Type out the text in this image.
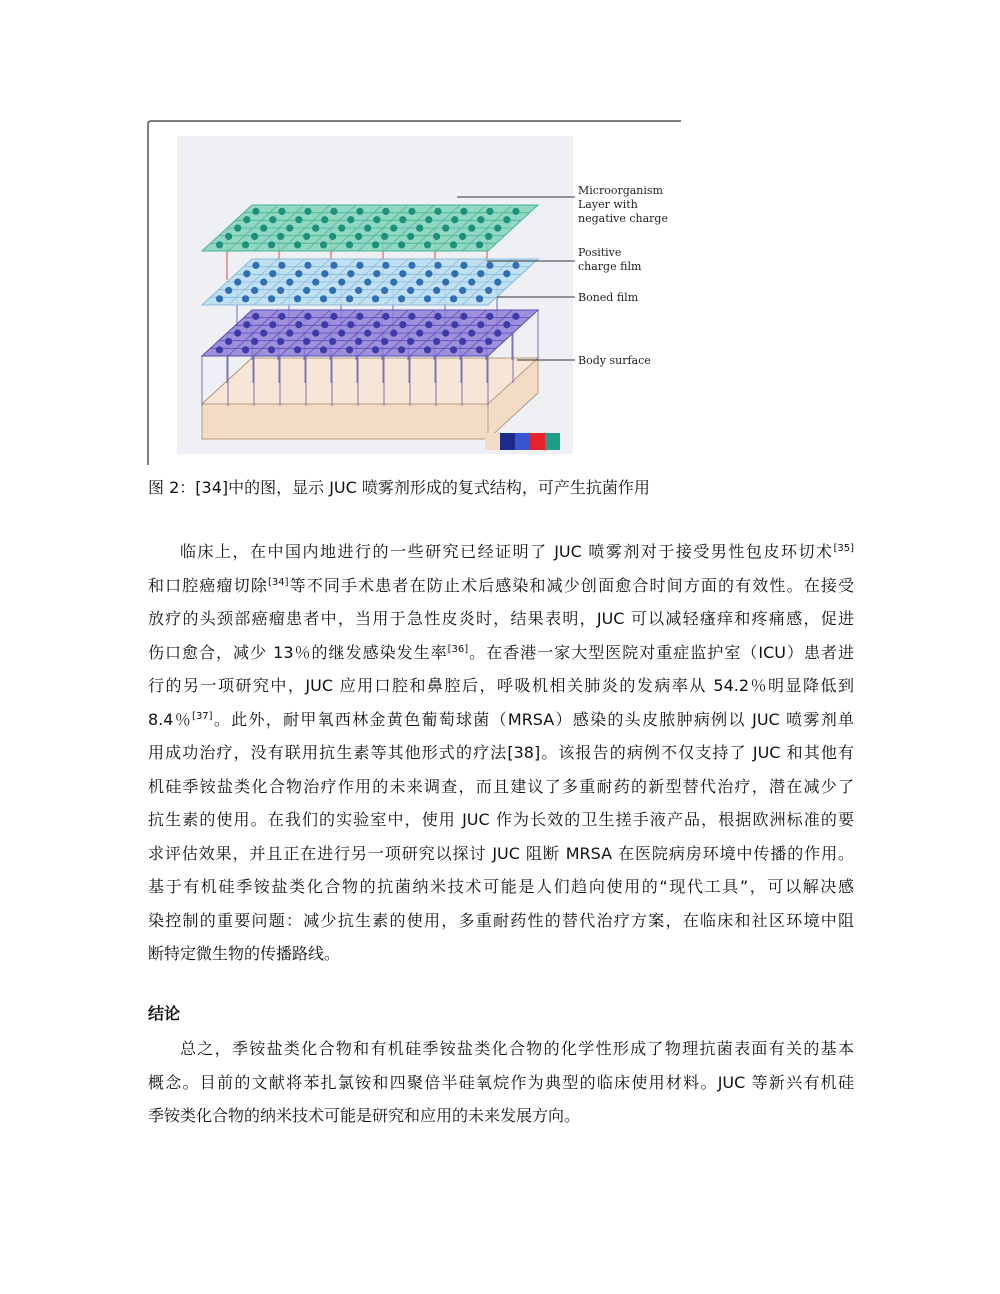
Microorganism
Layer with
negative charge
Positive
charge film
Boned film
Body surface
图 2：[34]中的图，显示 JUC 喷雾剂形成的复式结构，可产生抗菌作用
临床上，在中国内地进行的一些研究已经证明了 JUC 喷雾剂对于接受男性包皮环切术[35]
和口腔癌瘤切除[34]等不同手术患者在防止术后感染和减少创面愈合时间方面的有效性。在接受
放疗的头颈部癌瘤患者中，当用于急性皮炎时，结果表明，JUC 可以减轻瘙痒和疼痛感，促进
伤口愈合，减少 13％的继发感染发生率[36]。在香港一家大型医院对重症监护室（ICU）患者进
行的另一项研究中，JUC 应用口腔和鼻腔后，呼吸机相关肺炎的发病率从 54.2％明显降低到
8.4％[37]。此外，耐甲氧西林金黄色葡萄球菌（MRSA）感染的头皮脓肿病例以 JUC 喷雾剂单
用成功治疗，没有联用抗生素等其他形式的疗法[38]。该报告的病例不仅支持了 JUC 和其他有
机硅季铵盐类化合物治疗作用的未来调查，而且建议了多重耐药的新型替代治疗，潜在减少了
抗生素的使用。在我们的实验室中，使用 JUC 作为长效的卫生搓手液产品，根据欧洲标准的要
求评估效果，并且正在进行另一项研究以探讨 JUC 阻断 MRSA 在医院病房环境中传播的作用。
基于有机硅季铵盐类化合物的抗菌纳米技术可能是人们趋向使用的“现代工具”，可以解决感
染控制的重要问题：减少抗生素的使用，多重耐药性的替代治疗方案，在临床和社区环境中阻
断特定微生物的传播路线。
结论
总之，季铵盐类化合物和有机硅季铵盐类化合物的化学性形成了物理抗菌表面有关的基本
概念。目前的文献将苯扎氯铵和四聚倍半硅氧烷作为典型的临床使用材料。JUC 等新兴有机硅
季铵类化合物的纳米技术可能是研究和应用的未来发展方向。
